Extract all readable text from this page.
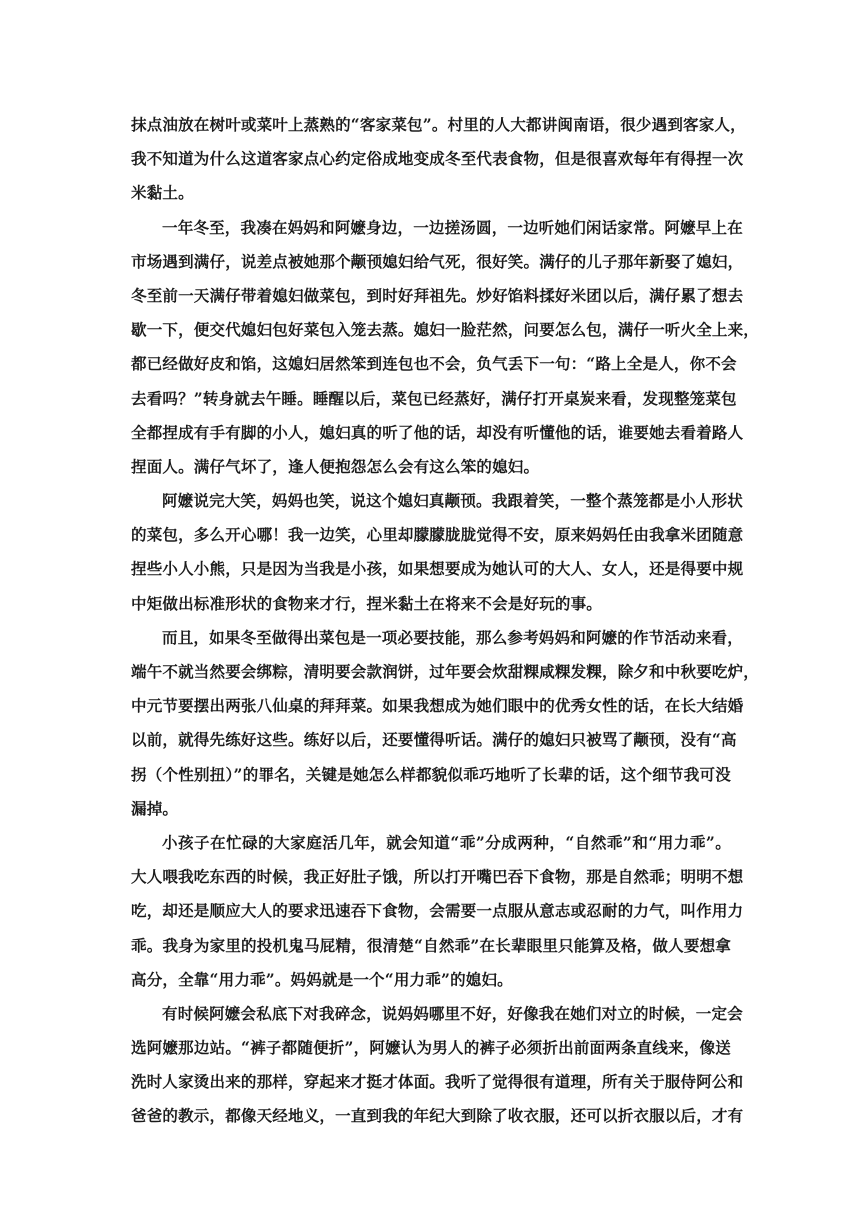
抹点油放在树叶或菜叶上蒸熟的“客家菜包”。村里的人大都讲闽南语，很少遇到客家人，
我不知道为什么这道客家点心约定俗成地变成冬至代表食物，但是很喜欢每年有得捏一次
米黏土。
一年冬至，我凑在妈妈和阿嬷身边，一边搓汤圆，一边听她们闲话家常。阿嬷早上在
市场遇到满仔，说差点被她那个颟顸媳妇给气死，很好笑。满仔的儿子那年新娶了媳妇，
冬至前一天满仔带着媳妇做菜包，到时好拜祖先。炒好馅料揉好米团以后，满仔累了想去
歇一下，便交代媳妇包好菜包入笼去蒸。媳妇一脸茫然，问要怎么包，满仔一听火全上来，
都已经做好皮和馅，这媳妇居然笨到连包也不会，负气丢下一句：“路上全是人，你不会
去看吗？”转身就去午睡。睡醒以后，菜包已经蒸好，满仔打开桌炭来看，发现整笼菜包
全都捏成有手有脚的小人，媳妇真的听了他的话，却没有听懂他的话，谁要她去看着路人
捏面人。满仔气坏了，逢人便抱怨怎么会有这么笨的媳妇。
阿嬷说完大笑，妈妈也笑，说这个媳妇真颟顸。我跟着笑，一整个蒸笼都是小人形状
的菜包，多么开心哪！我一边笑，心里却朦朦胧胧觉得不安，原来妈妈任由我拿米团随意
捏些小人小熊，只是因为当我是小孩，如果想要成为她认可的大人、女人，还是得要中规
中矩做出标准形状的食物来才行，捏米黏土在将来不会是好玩的事。
而且，如果冬至做得出菜包是一项必要技能，那么参考妈妈和阿嬷的作节活动来看，
端午不就当然要会绑粽，清明要会款润饼，过年要会炊甜粿咸粿发粿，除夕和中秋要吃炉，
中元节要摆出两张八仙桌的拜拜菜。如果我想成为她们眼中的优秀女性的话，在长大结婚
以前，就得先练好这些。练好以后，还要懂得听话。满仔的媳妇只被骂了颟顸，没有“高
拐（个性别扭）”的罪名，关键是她怎么样都貌似乖巧地听了长辈的话，这个细节我可没
漏掉。
小孩子在忙碌的大家庭活几年，就会知道“乖”分成两种，“自然乖”和“用力乖”。
大人喂我吃东西的时候，我正好肚子饿，所以打开嘴巴吞下食物，那是自然乖；明明不想
吃，却还是顺应大人的要求迅速吞下食物，会需要一点服从意志或忍耐的力气，叫作用力
乖。我身为家里的投机鬼马屁精，很清楚“自然乖”在长辈眼里只能算及格，做人要想拿
高分，全靠“用力乖”。妈妈就是一个“用力乖”的媳妇。
有时候阿嬷会私底下对我碎念，说妈妈哪里不好，好像我在她们对立的时候，一定会
选阿嬷那边站。“裤子都随便折”，阿嬷认为男人的裤子必须折出前面两条直线来，像送
洗时人家烫出来的那样，穿起来才挺才体面。我听了觉得很有道理，所有关于服侍阿公和
爸爸的教示，都像天经地义，一直到我的年纪大到除了收衣服，还可以折衣服以后，才有
